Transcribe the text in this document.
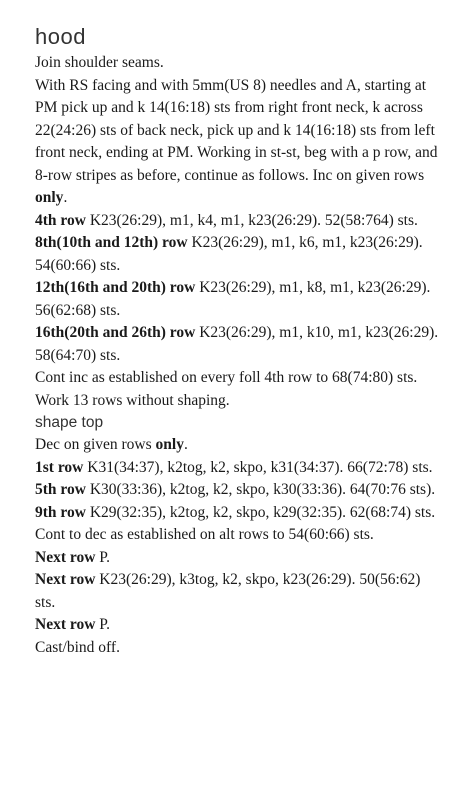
hood

Join shoulder seams.

With RS facing and with 5mm(US 8) needles and A, starting at PM pick up and k 14(16:18) sts from right front neck, k across 22(24:26) sts of back neck, pick up and k 14(16:18) sts from left front neck, ending at PM. Working in st-st, beg with a p row, and 8-row stripes as before, continue as follows. Inc on given rows only.

4th row K23(26:29), m1, k4, m1, k23(26:29). 52(58:764) sts.

8th(10th and 12th) row K23(26:29), m1, k6, m1, k23(26:29). 54(60:66) sts.

12th(16th and 20th) row K23(26:29), m1, k8, m1, k23(26:29). 56(62:68) sts.

16th(20th and 26th) row K23(26:29), m1, k10, m1, k23(26:29). 58(64:70) sts.

Cont inc as established on every foll 4th row to 68(74:80) sts.

Work 13 rows without shaping.

shape top

Dec on given rows only.

1st row K31(34:37), k2tog, k2, skpo, k31(34:37). 66(72:78) sts.

5th row K30(33:36), k2tog, k2, skpo, k30(33:36). 64(70:76 sts).

9th row K29(32:35), k2tog, k2, skpo, k29(32:35). 62(68:74) sts.

Cont to dec as established on alt rows to 54(60:66) sts.

Next row P.

Next row K23(26:29), k3tog, k2, skpo, k23(26:29). 50(56:62) sts.

Next row P.

Cast/bind off.
